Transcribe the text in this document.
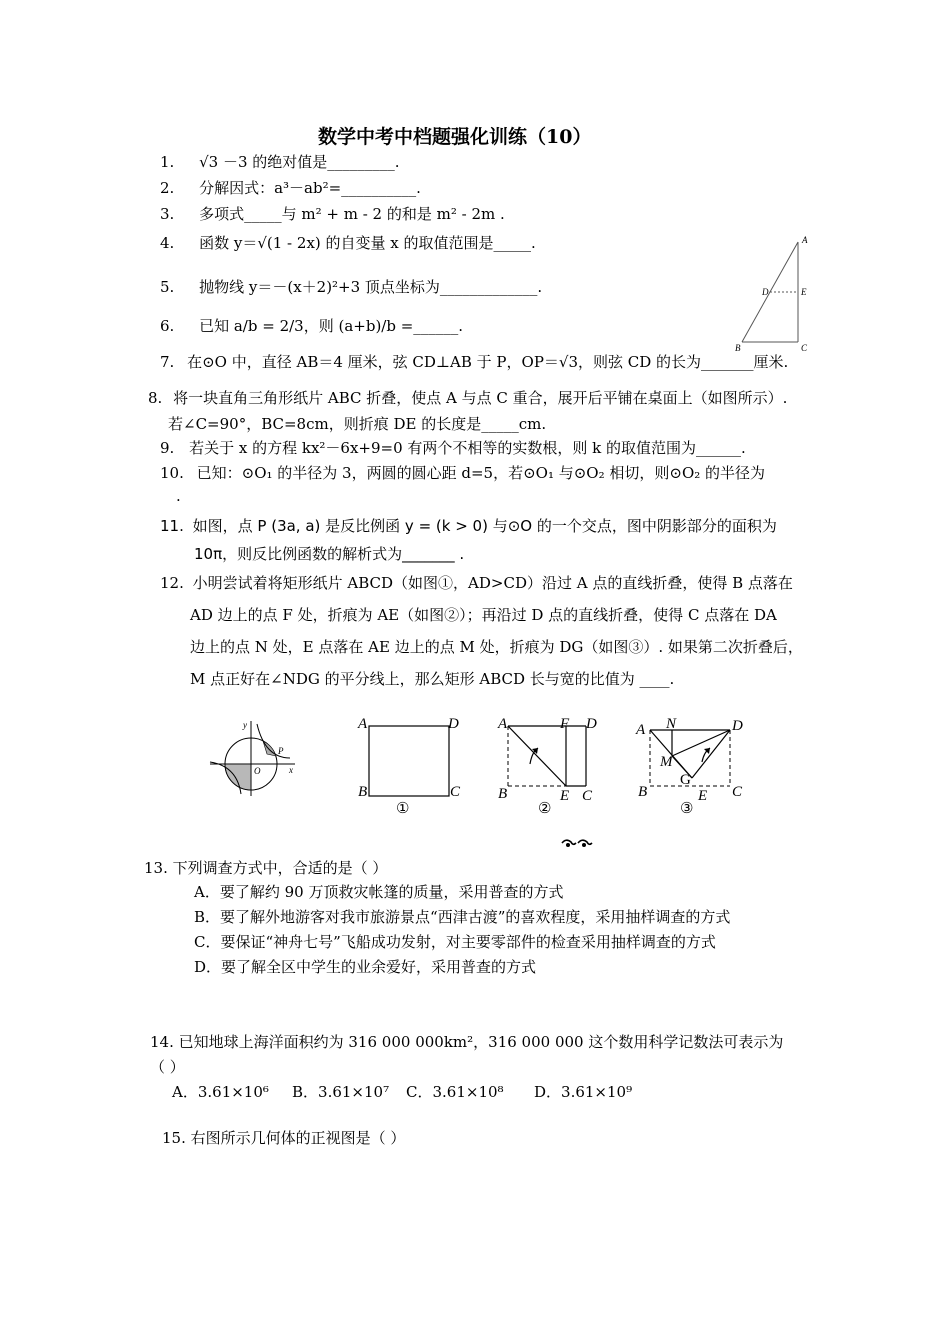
数学中考中档题强化训练（10）
1. √3 －3 的绝对值是_________.
2. 分解因式：a³－ab²=__________.
3. 多项式_____与 m² + m - 2 的和是 m² - 2m .
4. 函数 y＝√(1 - 2x) 的自变量 x 的取值范围是_____.
5. 抛物线 y＝－(x＋2)²+3 顶点坐标为_____________.
6. 已知 a/b = 2/3，则 (a+b)/b =______.
7. 在⊙O 中，直径 AB＝4 厘米，弦 CD⊥AB 于 P，OP＝√3，则弦 CD 的长为_______厘米.
8. 将一块直角三角形纸片 ABC 折叠，使点 A 与点 C 重合，展开后平铺在桌面上（如图所示）.
若∠C=90°，BC=8cm，则折痕 DE 的长度是_____cm.
9. 若关于 x 的方程 kx²－6x+9=0 有两个不相等的实数根，则 k 的取值范围为______.
10. 已知：⊙O₁ 的半径为 3，两圆的圆心距 d=5，若⊙O₁ 与⊙O₂ 相切，则⊙O₂ 的半径为
.
11. 如图，点 P (3a, a) 是反比例函 y = (k > 0) 与⊙O 的一个交点，图中阴影部分的面积为
10π，则反比例函数的解析式为_______ .
12. 小明尝试着将矩形纸片 ABCD（如图①，AD>CD）沿过 A 点的直线折叠，使得 B 点落在
AD 边上的点 F 处，折痕为 AE（如图②）；再沿过 D 点的直线折叠，使得 C 点落在 DA
边上的点 N 处，E 点落在 AE 边上的点 M 处，折痕为 DG（如图③）. 如果第二次折叠后，
M 点正好在∠NDG 的平分线上，那么矩形 ABCD 长与宽的比值为 ____.
A
D	E
B	C
y
x
O
P
A	D
B	C
①
A	F D
B	E C
②
A N	D
M
G
B	E C
③
13. 下列调查方式中，合适的是（ ）
A．要了解约 90 万顶救灾帐篷的质量，采用普查的方式
B．要了解外地游客对我市旅游景点“西津古渡”的喜欢程度，采用抽样调查的方式
C．要保证“神舟七号”飞船成功发射，对主要零部件的检查采用抽样调查的方式
D．要了解全区中学生的业余爱好，采用普查的方式
14. 已知地球上海洋面积约为 316 000 000km²，316 000 000 这个数用科学记数法可表示为
（ ）
A．3.61×10⁶ B．3.61×10⁷ C．3.61×10⁸ D．3.61×10⁹
15. 右图所示几何体的正视图是（ ）
